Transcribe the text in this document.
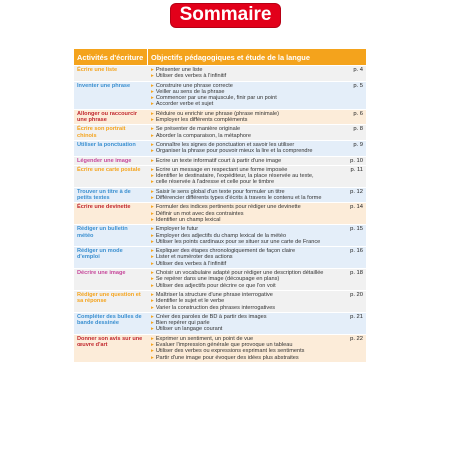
Sommaire
Activités d'écriture	Objectifs pédagogiques et étude de la langue
Écrire une liste	▸ Présenter une liste
▸ Utiliser des verbes à l'infinitif
p. 4

Inventer une phrase	▸ Construire une phrase correcte
▸ Veiller au sens de la phrase
▸ Commencer par une majuscule, finir par un point
▸ Accorder verbe et sujet
p. 5

Allonger ou raccourcir une phrase	▸ Réduire ou enrichir une phrase (phrase minimale)
▸ Employer les différents compléments
p. 6

Écrire son portrait chinois	▸ Se présenter de manière originale
▸ Aborder la comparaison, la métaphore
p. 8

Utiliser la ponctuation	▸ Connaître les signes de ponctuation et savoir les utiliser
▸ Organiser la phrase pour pouvoir mieux la lire et la comprendre
p. 9

Légender une image	▸ Écrire un texte informatif court à partir d'une image p. 10

Écrire une carte postale	▸ Écrire un message en respectant une forme imposée
▸ Identifier le destinataire, l'expéditeur, la place réservée au texte,
▸ celle réservée à l'adresse et celle pour le timbre
p. 11

Trouver un titre à de petits textes	▸ Saisir le sens global d'un texte pour formuler un titre
▸ Différencier différents types d'écrits à travers le contenu et la forme
p. 12

Écrire une devinette	▸ Formuler des indices pertinents pour rédiger une devinette
▸ Définir un mot avec des contraintes
▸ Identifier un champ lexical
p. 14

Rédiger un bulletin météo	▸ Employer le futur
▸ Employer des adjectifs du champ lexical de la météo
▸ Utiliser les points cardinaux pour se situer sur une carte de France
p. 15

Rédiger un mode d'emploi	▸ Expliquer des étapes chronologiquement de façon claire
▸ Lister et numéroter des actions
▸ Utiliser des verbes à l'infinitif
p. 16

Décrire une image	▸ Choisir un vocabulaire adapté pour rédiger une description détaillée
▸ Se repérer dans une image (découpage en plans)
▸ Utiliser des adjectifs pour décrire ce que l'on voit
p. 18

Rédiger une question et sa réponse	▸ Maîtriser la structure d'une phrase interrogative
▸ Identifier le sujet et le verbe
▸ Varier la construction des phrases interrogatives
p. 20

Compléter des bulles de bande dessinée	▸ Créer des paroles de BD à partir des images
▸ Bien repérer qui parle
▸ Utiliser un langage courant
p. 21

Donner son avis sur une œuvre d'art	▸ Exprimer un sentiment, un point de vue
▸ Évaluer l'impression générale que provoque un tableau
▸ Utiliser des verbes ou expressions exprimant les sentiments
▸ Partir d'une image pour évoquer des idées plus abstraites
p. 22
